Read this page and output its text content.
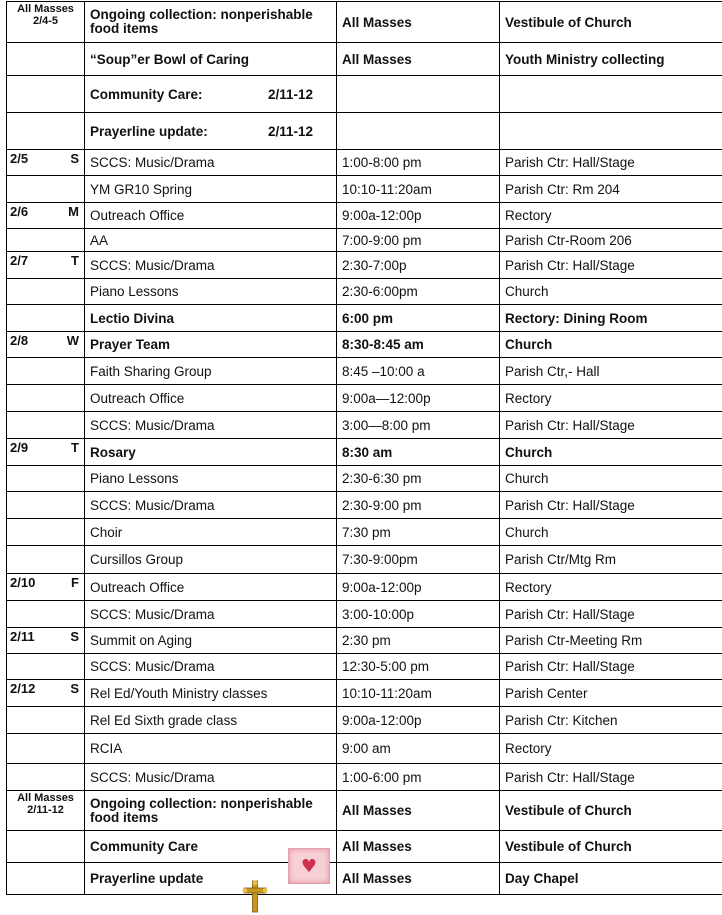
All Masses 2/4-5	Ongoing collection: nonperishable food items	All Masses	Vestibule of Church
	“Soup”er Bowl of Caring	All Masses	Youth Ministry collecting

	Community Care: 2/11-12		

	Prayerline update: 2/11-12		

2/5 S	SCCS: Music/Drama	1:00-8:00 pm	Parish Ctr: Hall/Stage
	YM GR10 Spring	10:10-11:20am	Parish Ctr: Rm 204

2/6 M	Outreach Office	9:00a-12:00p	Rectory
	AA	7:00-9:00 pm	Parish Ctr-Room 206

2/7 T	SCCS: Music/Drama	2:30-7:00p	Parish Ctr: Hall/Stage
	Piano Lessons	2:30-6:00pm	Church
	Lectio Divina	6:00 pm	Rectory: Dining Room

2/8 W	Prayer Team	8:30-8:45 am	Church
	Faith Sharing Group	8:45 –10:00 a	Parish Ctr,- Hall
	Outreach Office	9:00a—12:00p	Rectory
	SCCS: Music/Drama	3:00—8:00 pm	Parish Ctr: Hall/Stage

2/9 T	Rosary	8:30 am	Church
	Piano Lessons	2:30-6:30 pm	Church
	SCCS: Music/Drama	2:30-9:00 pm	Parish Ctr: Hall/Stage
	Choir	7:30 pm	Church
	Cursillos Group	7:30-9:00pm	Parish Ctr/Mtg Rm

2/10 F	Outreach Office	9:00a-12:00p	Rectory
	SCCS: Music/Drama	3:00-10:00p	Parish Ctr: Hall/Stage

2/11 S	Summit on Aging	2:30 pm	Parish Ctr-Meeting Rm
	SCCS: Music/Drama	12:30-5:00 pm	Parish Ctr: Hall/Stage

2/12 S	Rel Ed/Youth Ministry classes	10:10-11:20am	Parish Center
	Rel Ed Sixth grade class	9:00a-12:00p	Parish Ctr: Kitchen
	RCIA	9:00 am	Rectory
	SCCS: Music/Drama	1:00-6:00 pm	Parish Ctr: Hall/Stage
All Masses 2/11-12	Ongoing collection: nonperishable food items	All Masses	Vestibule of Church
	Community Care	All Masses	Vestibule of Church
	Prayerline update	All Masses	Day Chapel
♥
